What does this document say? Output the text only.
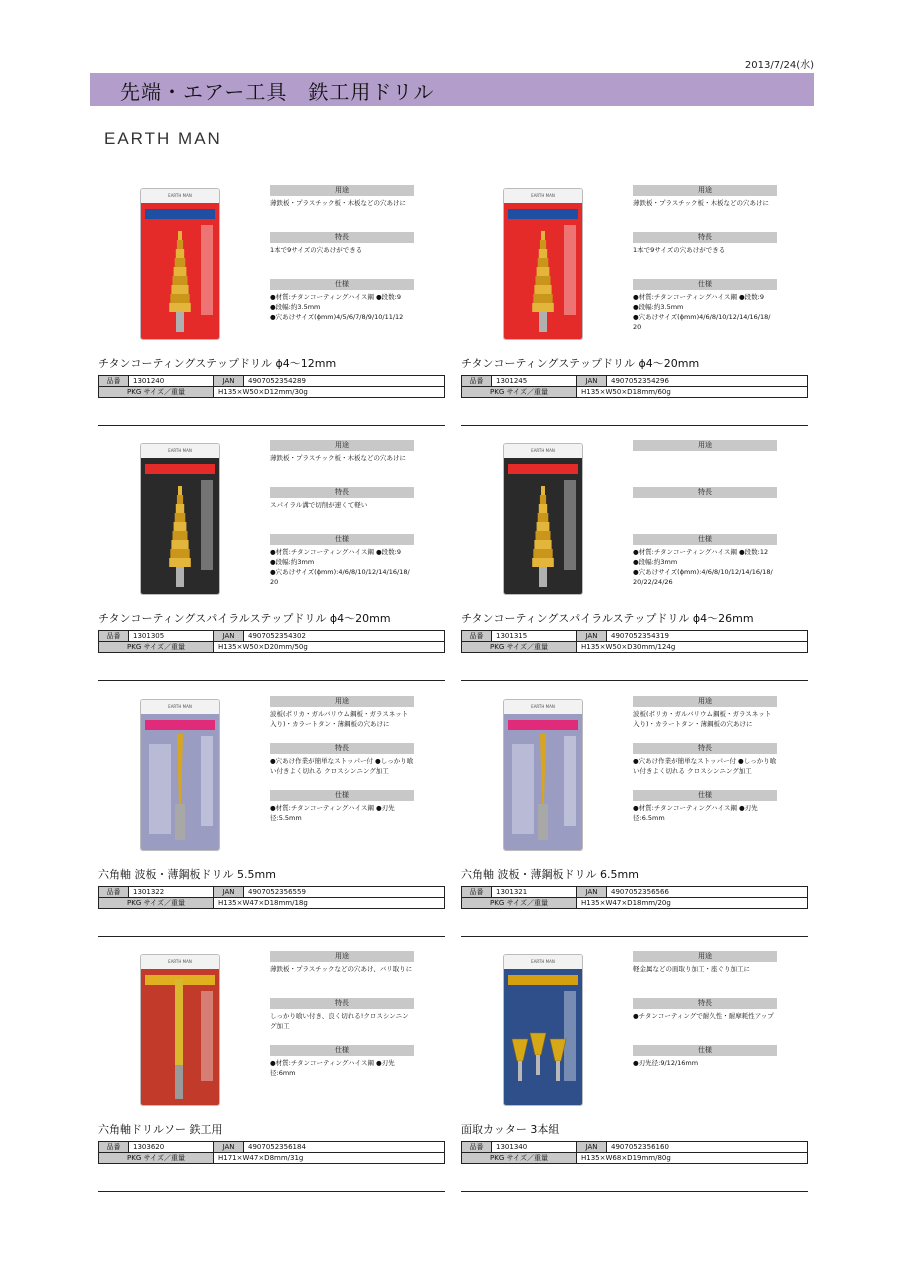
2013/7/24(水)
先端・エアー工具　鉄工用ドリル
EARTH MAN
EARTH MAN
用途
薄鉄板・プラスチック板・木板などの穴あけに
特長
1本で9サイズの穴あけができる
仕様
●材質:チタンコーティングハイス鋼 ●段数:9
●段幅:約3.5mm
●穴あけサイズ(ϕmm)4/5/6/7/8/9/10/11/12
チタンコーティングステップドリル ϕ4〜12mm
品番	1301240	JAN	4907052354289
PKG サイズ／重量		H135×W50×D12mm/30g	
EARTH MAN
用途
薄鉄板・プラスチック板・木板などの穴あけに
特長
1本で9サイズの穴あけができる
仕様
●材質:チタンコーティングハイス鋼 ●段数:9
●段幅:約3.5mm
●穴あけサイズ(ϕmm)4/6/8/10/12/14/16/18/
20
チタンコーティングステップドリル ϕ4〜20mm
品番	1301245	JAN	4907052354296
PKG サイズ／重量		H135×W50×D18mm/60g	
EARTH MAN
用途
薄鉄板・プラスチック板・木板などの穴あけに
特長
スパイラル溝で切削が速くて軽い
仕様
●材質:チタンコーティングハイス鋼 ●段数:9
●段幅:約3mm
●穴あけサイズ(ϕmm):4/6/8/10/12/14/16/18/
20
チタンコーティングスパイラルステップドリル ϕ4〜20mm
品番	1301305	JAN	4907052354302
PKG サイズ／重量		H135×W50×D20mm/50g	
EARTH MAN
用途
特長
仕様
●材質:チタンコーティングハイス鋼 ●段数:12
●段幅:約3mm
●穴あけサイズ(ϕmm):4/6/8/10/12/14/16/18/
20/22/24/26
チタンコーティングスパイラルステップドリル ϕ4〜26mm
品番	1301315	JAN	4907052354319
PKG サイズ／重量		H135×W50×D30mm/124g	
EARTH MAN
用途
波板(ポリカ・ガルバリウム鋼板・ガラスネット入り)・カラートタン・薄鋼板の穴あけに
特長
●穴あけ作業が簡単なストッパー付 ●しっかり喰い付きよく切れる クロスシンニング加工
仕様
●材質:チタンコーティングハイス鋼 ●刃先径:5.5mm
六角軸 波板・薄鋼板ドリル 5.5mm
品番	1301322	JAN	4907052356559
PKG サイズ／重量		H135×W47×D18mm/18g	
EARTH MAN
用途
波板(ポリカ・ガルバリウム鋼板・ガラスネット入り)・カラートタン・薄鋼板の穴あけに
特長
●穴あけ作業が簡単なストッパー付 ●しっかり喰い付きよく切れる クロスシンニング加工
仕様
●材質:チタンコーティングハイス鋼 ●刃先径:6.5mm
六角軸 波板・薄鋼板ドリル 6.5mm
品番	1301321	JAN	4907052356566
PKG サイズ／重量		H135×W47×D18mm/20g	
EARTH MAN
用途
薄鉄板・プラスチックなどの穴あけ、バリ取りに
特長
しっかり喰い付き、良く切れる!クロスシンニング加工
仕様
●材質:チタンコーティングハイス鋼 ●刃先径:6mm
六角軸ドリルソー 鉄工用
品番	1303620	JAN	4907052356184
PKG サイズ／重量		H171×W47×D8mm/31g	
EARTH MAN
用途
軽金属などの面取り加工・座ぐり加工に
特長
●チタンコーティングで耐久性・耐摩耗性アップ
仕様
●刃先径:9/12/16mm
面取カッター 3本組
品番	1301340	JAN	4907052356160
PKG サイズ／重量		H135×W68×D19mm/80g	
